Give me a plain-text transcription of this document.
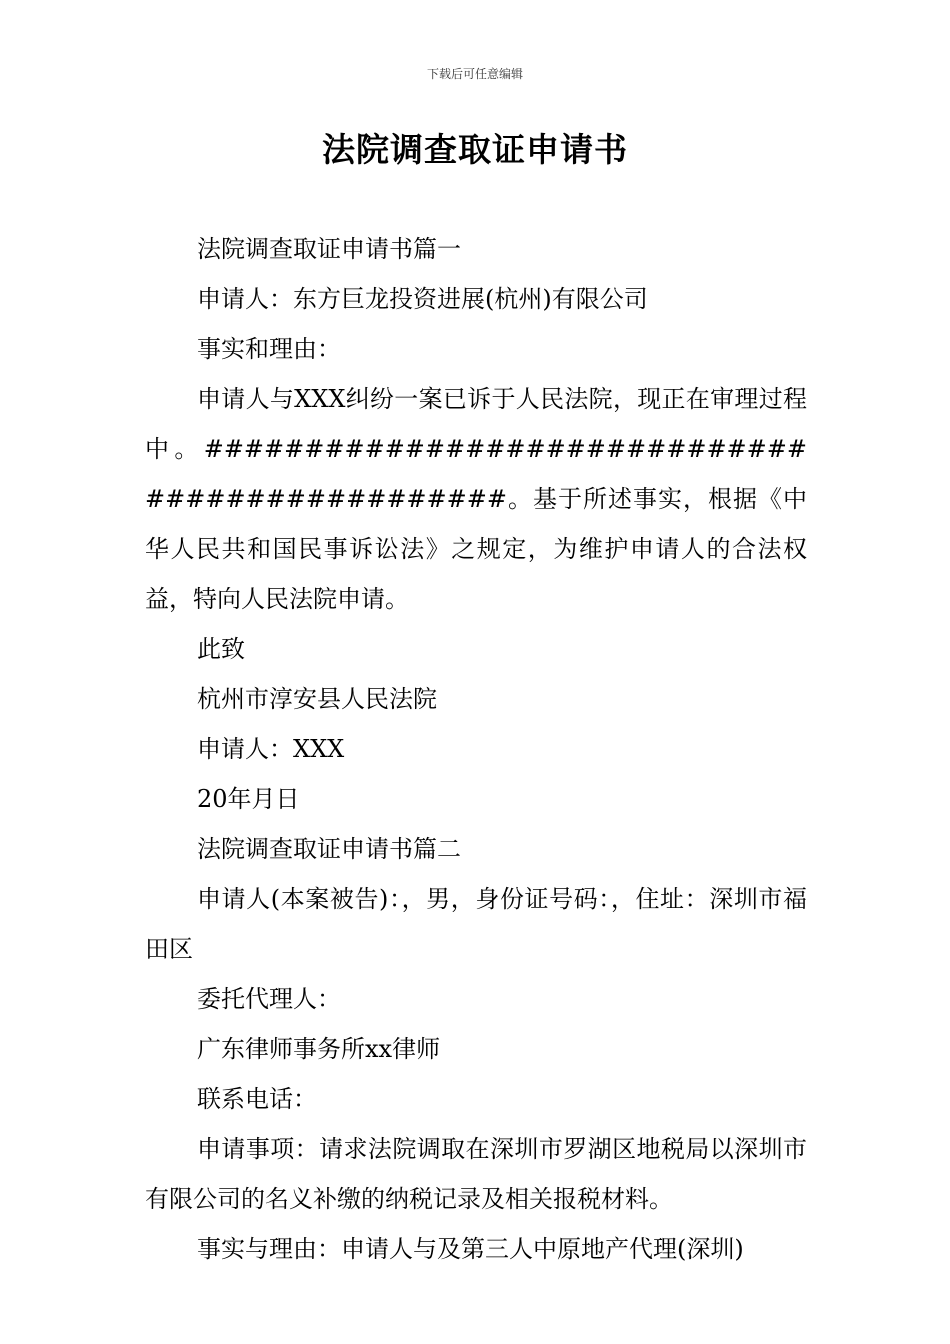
下载后可任意编辑
法院调查取证申请书

法院调查取证申请书篇一

申请人：东方巨龙投资进展(杭州)有限公司

事实和理由：

申请人与XXX纠纷一案已诉于人民法院，现正在审理过程中。################################################。基于所述事实，根据《中华人民共和国民事诉讼法》之规定，为维护申请人的合法权益，特向人民法院申请。

此致

杭州市淳安县人民法院

申请人：XXX

20年月日

法院调查取证申请书篇二

申请人(本案被告)：，男，身份证号码：，住址：深圳市福田区

委托代理人：

广东律师事务所xx律师

联系电话：

申请事项：请求法院调取在深圳市罗湖区地税局以深圳市有限公司的名义补缴的纳税记录及相关报税材料。

事实与理由：申请人与及第三人中原地产代理(深圳)
